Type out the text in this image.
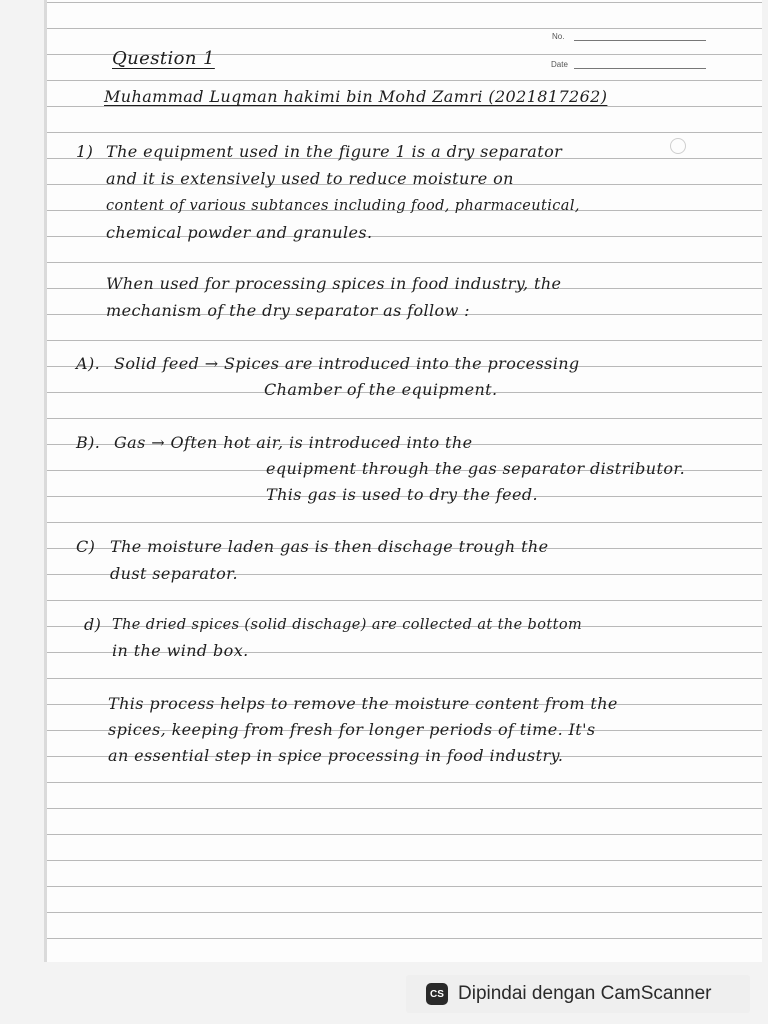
No.
Date
Question 1
Muhammad Luqman hakimi bin Mohd Zamri (2021817262)
1) The equipment used in the figure 1 is a dry separator
and it is extensively used to reduce moisture on
content of various subtances including food, pharmaceutical,
chemical powder and granules.
When used for processing spices in food industry, the
mechanism of the dry separator as follow :
A). Solid feed → Spices are introduced into the processing
Chamber of the equipment.
B). Gas → Often hot air, is introduced into the
equipment through the gas separator distributor.
This gas is used to dry the feed.
C) The moisture laden gas is then dischage trough the
dust separator.
d) The dried spices (solid dischage) are collected at the bottom
in the wind box.
This process helps to remove the moisture content from the
spices, keeping from fresh for longer periods of time. It's
an essential step in spice processing in food industry.
CS Dipindai dengan CamScanner
